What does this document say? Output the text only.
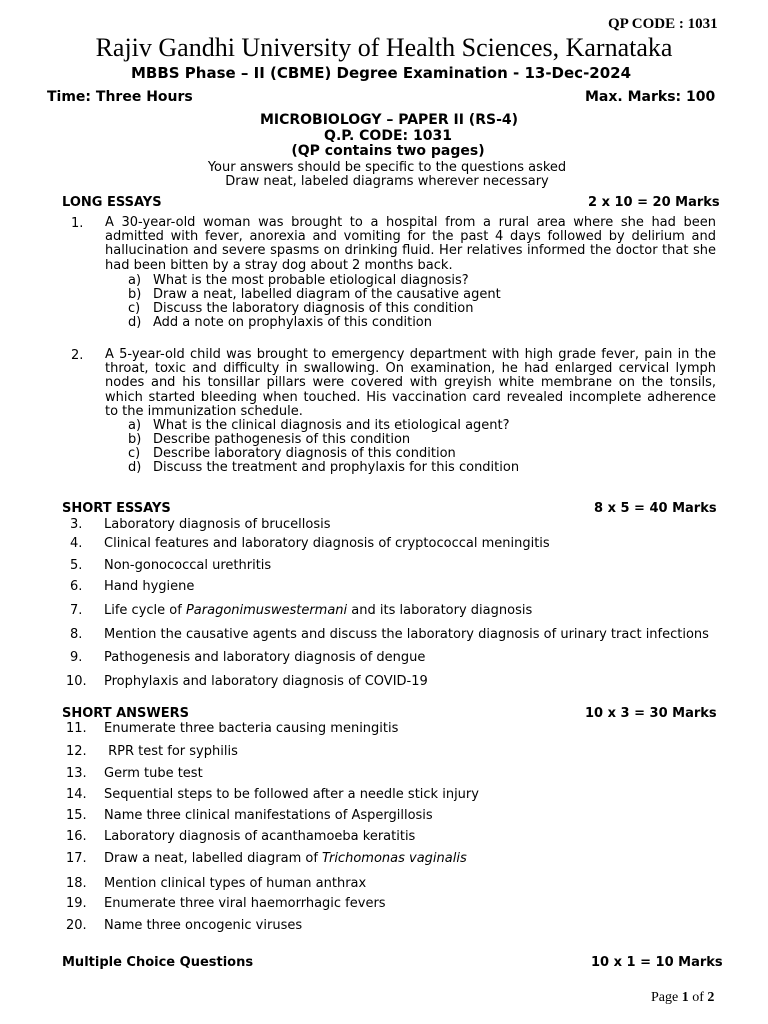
QP CODE : 1031
Rajiv Gandhi University of Health Sciences, Karnataka
MBBS Phase – II (CBME) Degree Examination - 13-Dec-2024
Time: Three Hours	Max. Marks: 100
MICROBIOLOGY – PAPER II (RS-4)
Q.P. CODE: 1031
(QP contains two pages)
Your answers should be specific to the questions asked
Draw neat, labeled diagrams wherever necessary
LONG ESSAYS	2 x 10 = 20 Marks
1. A 30-year-old woman was brought to a hospital from a rural area where she had been admitted with fever, anorexia and vomiting for the past 4 days followed by delirium and hallucination and severe spasms on drinking fluid. Her relatives informed the doctor that she had been bitten by a stray dog about 2 months back.
a) What is the most probable etiological diagnosis?
b) Draw a neat, labelled diagram of the causative agent
c) Discuss the laboratory diagnosis of this condition
d) Add a note on prophylaxis of this condition
2. A 5-year-old child was brought to emergency department with high grade fever, pain in the throat, toxic and difficulty in swallowing. On examination, he had enlarged cervical lymph nodes and his tonsillar pillars were covered with greyish white membrane on the tonsils, which started bleeding when touched. His vaccination card revealed incomplete adherence to the immunization schedule.
a) What is the clinical diagnosis and its etiological agent?
b) Describe pathogenesis of this condition
c) Describe laboratory diagnosis of this condition
d) Discuss the treatment and prophylaxis for this condition
SHORT ESSAYS	8 x 5 = 40 Marks
3. Laboratory diagnosis of brucellosis
4. Clinical features and laboratory diagnosis of cryptococcal meningitis
5. Non-gonococcal urethritis
6. Hand hygiene
7. Life cycle of Paragonimuswestermani and its laboratory diagnosis
8. Mention the causative agents and discuss the laboratory diagnosis of urinary tract infections
9. Pathogenesis and laboratory diagnosis of dengue
10. Prophylaxis and laboratory diagnosis of COVID-19
SHORT ANSWERS	10 x 3 = 30 Marks
11. Enumerate three bacteria causing meningitis
12. RPR test for syphilis
13. Germ tube test
14. Sequential steps to be followed after a needle stick injury
15. Name three clinical manifestations of Aspergillosis
16. Laboratory diagnosis of acanthamoeba keratitis
17. Draw a neat, labelled diagram of Trichomonas vaginalis
18. Mention clinical types of human anthrax
19. Enumerate three viral haemorrhagic fevers
20. Name three oncogenic viruses
Multiple Choice Questions	10 x 1 = 10 Marks
Page 1 of 2
